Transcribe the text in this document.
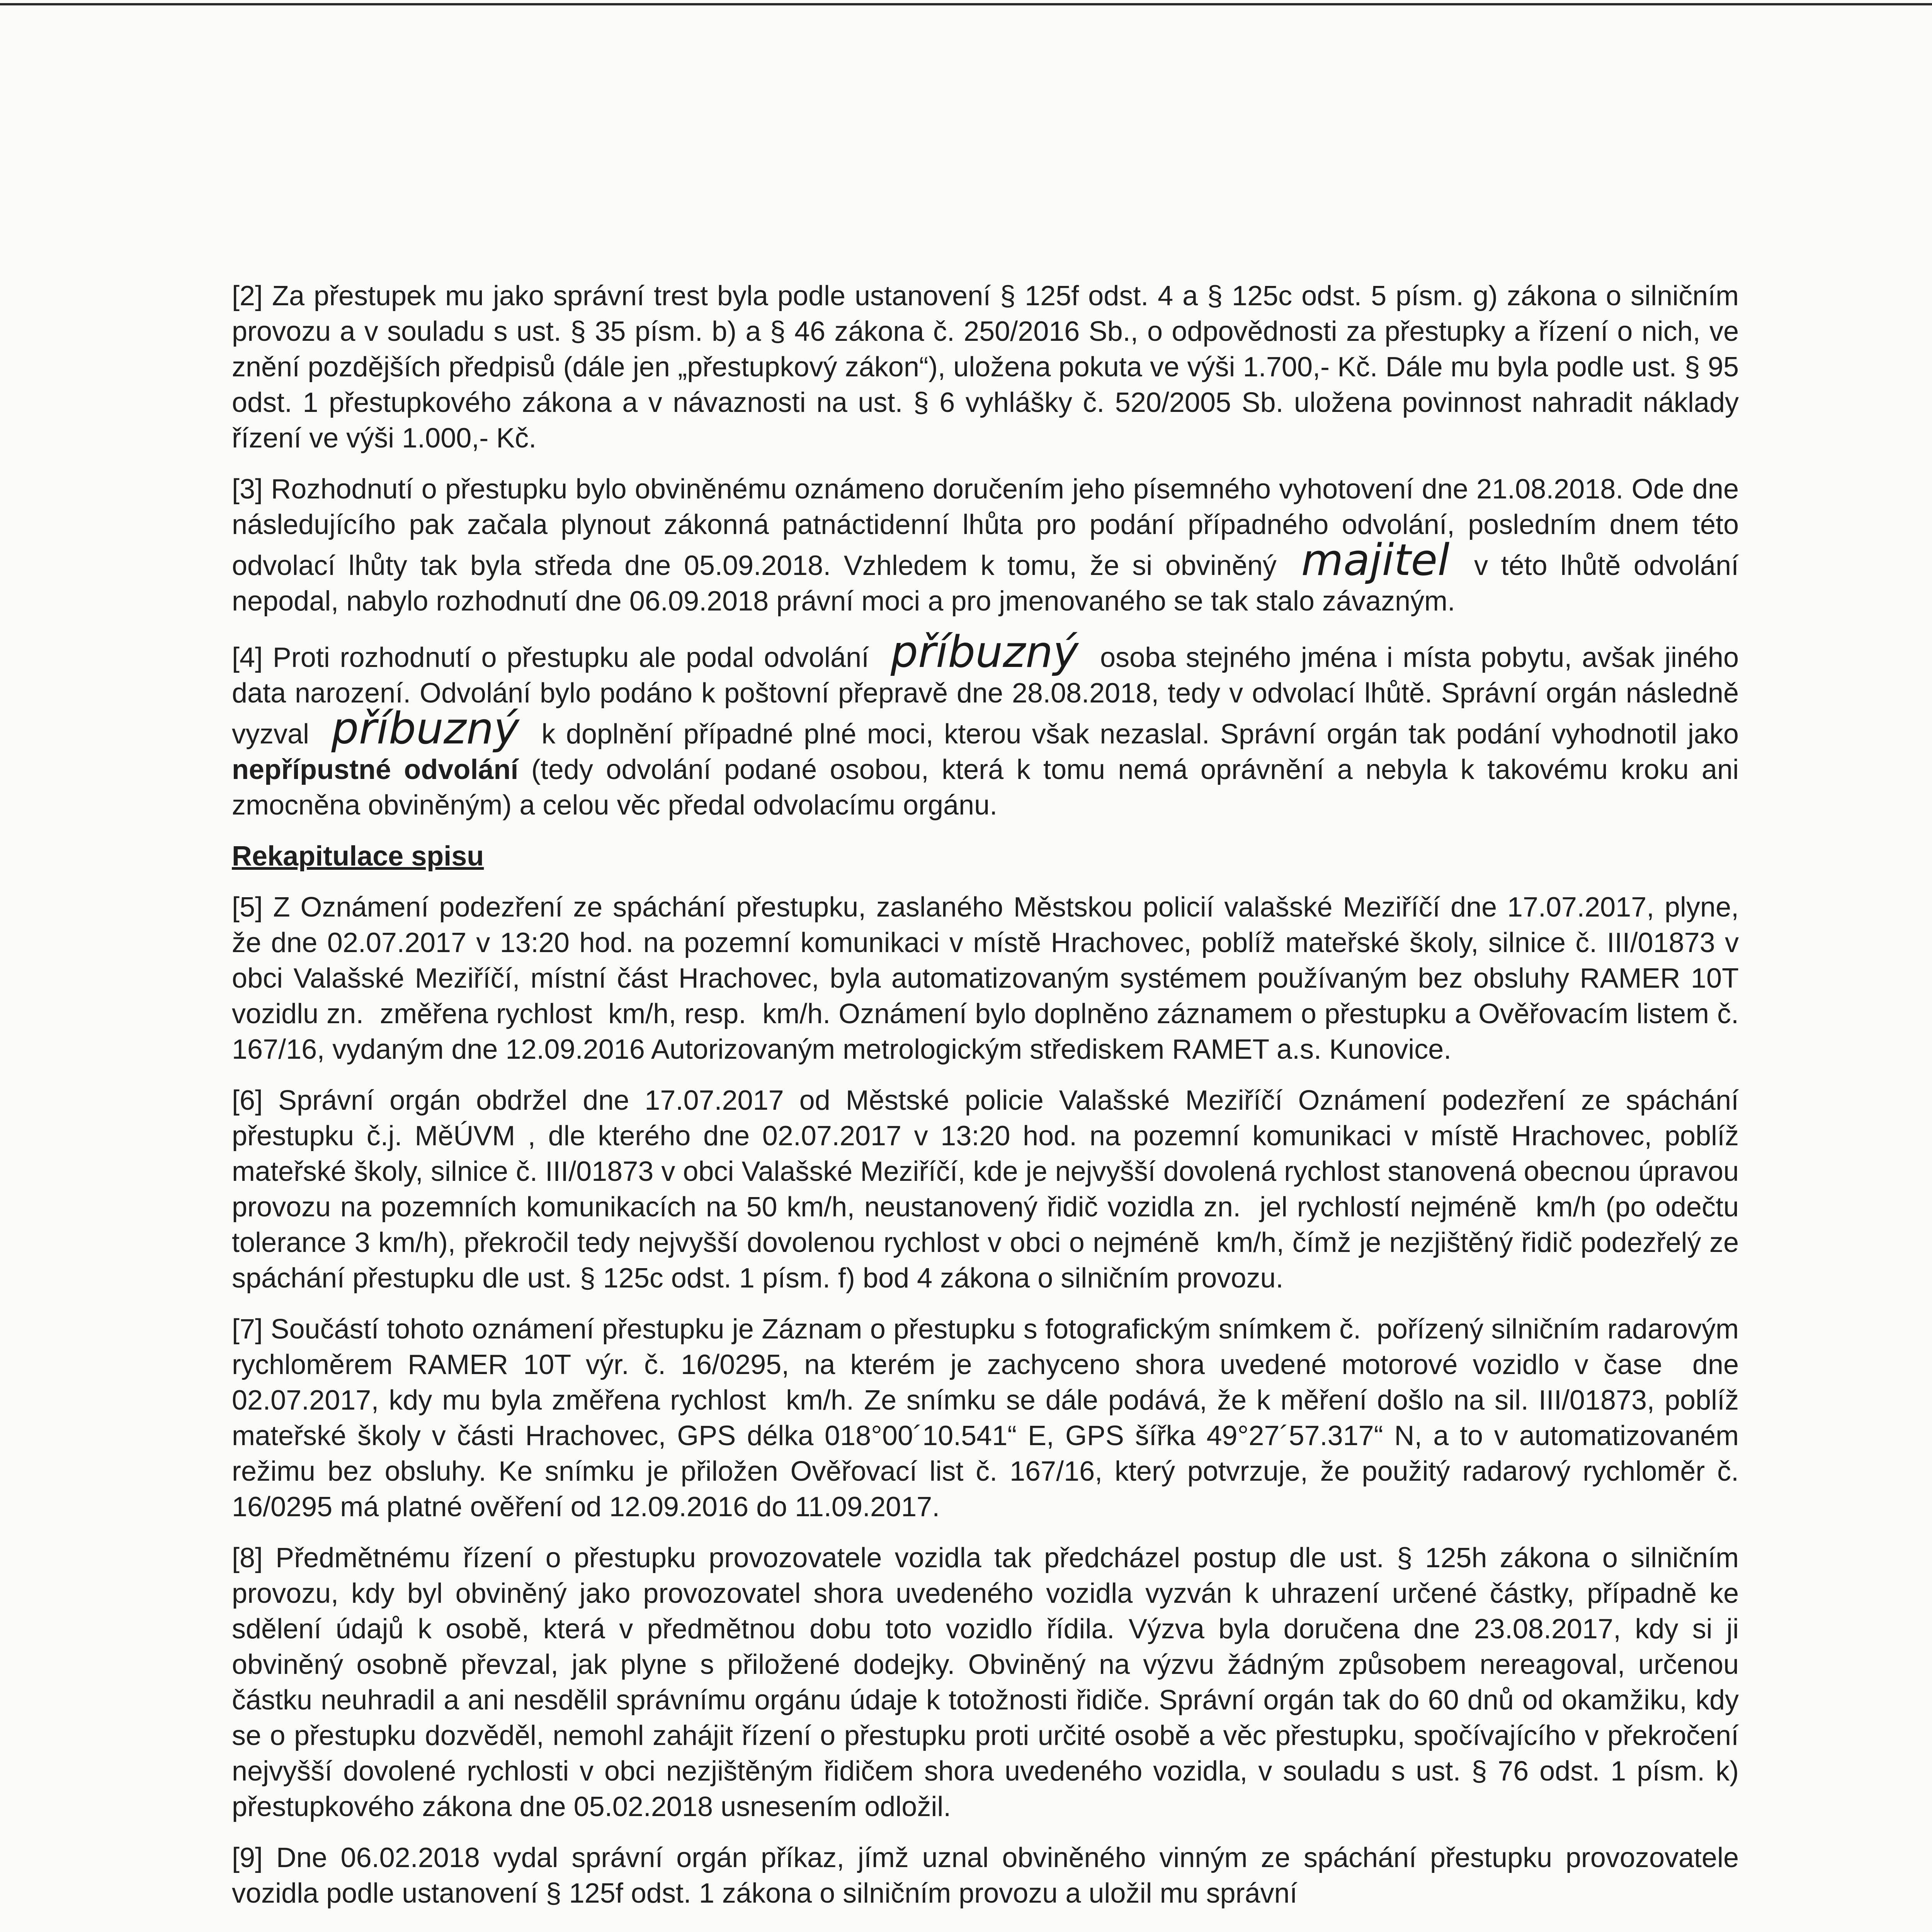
[2] Za přestupek mu jako správní trest byla podle ustanovení § 125f odst. 4 a § 125c odst. 5 písm. g) zákona o silničním provozu a v souladu s ust. § 35 písm. b) a § 46 zákona č. 250/2016 Sb., o odpovědnosti za přestupky a řízení o nich, ve znění pozdějších předpisů (dále jen „přestupkový zákon“), uložena pokuta ve výši 1.700,- Kč. Dále mu byla podle ust. § 95 odst. 1 přestupkového zákona a v návaznosti na ust. § 6 vyhlášky č. 520/2005 Sb. uložena povinnost nahradit náklady řízení ve výši 1.000,- Kč.

[3] Rozhodnutí o přestupku bylo obviněnému oznámeno doručením jeho písemného vyhotovení dne 21.08.2018. Ode dne následujícího pak začala plynout zákonná patnáctidenní lhůta pro podání případného odvolání, posledním dnem této odvolací lhůty tak byla středa dne 05.09.2018. Vzhledem k tomu, že si obviněný majitel v této lhůtě odvolání nepodal, nabylo rozhodnutí dne 06.09.2018 právní moci a pro jmenovaného se tak stalo závazným.

[4] Proti rozhodnutí o přestupku ale podal odvolání příbuzný osoba stejného jména i místa pobytu, avšak jiného data narození. Odvolání bylo podáno k poštovní přepravě dne 28.08.2018, tedy v odvolací lhůtě. Správní orgán následně vyzval příbuzný k doplnění případné plné moci, kterou však nezaslal. Správní orgán tak podání vyhodnotil jako nepřípustné odvolání (tedy odvolání podané osobou, která k tomu nemá oprávnění a nebyla k takovému kroku ani zmocněna obviněným) a celou věc předal odvolacímu orgánu.

Rekapitulace spisu

[5] Z Oznámení podezření ze spáchání přestupku, zaslaného Městskou policií valašské Meziříčí dne 17.07.2017, plyne, že dne 02.07.2017 v 13:20 hod. na pozemní komunikaci v místě Hrachovec, poblíž mateřské školy, silnice č. III/01873 v obci Valašské Meziříčí, místní část Hrachovec, byla automatizovaným systémem používaným bez obsluhy RAMER 10T vozidlu zn. ⁠ změřena rychlost ⁠ km/h, resp. ⁠ km/h. Oznámení bylo doplněno záznamem o přestupku a Ověřovacím listem č. 167/16, vydaným dne 12.09.2016 Autorizovaným metrologickým střediskem RAMET a.s. Kunovice.

[6] Správní orgán obdržel dne 17.07.2017 od Městské policie Valašské Meziříčí Oznámení podezření ze spáchání přestupku č.j. MěÚVM ⁠, dle kterého dne 02.07.2017 v 13:20 hod. na pozemní komunikaci v místě Hrachovec, poblíž mateřské školy, silnice č. III/01873 v obci Valašské Meziříčí, kde je nejvyšší dovolená rychlost stanovená obecnou úpravou provozu na pozemních komunikacích na 50 km/h, neustanovený řidič vozidla zn. ⁠ jel rychlostí nejméně ⁠ km/h (po odečtu tolerance 3 km/h), překročil tedy nejvyšší dovolenou rychlost v obci o nejméně ⁠ km/h, čímž je nezjištěný řidič podezřelý ze spáchání přestupku dle ust. § 125c odst. 1 písm. f) bod 4 zákona o silničním provozu.

[7] Součástí tohoto oznámení přestupku je Záznam o přestupku s fotografickým snímkem č. ⁠ pořízený silničním radarovým rychloměrem RAMER 10T výr. č. 16/0295, na kterém je zachyceno shora uvedené motorové vozidlo v čase ⁠ dne 02.07.2017, kdy mu byla změřena rychlost ⁠ km/h. Ze snímku se dále podává, že k měření došlo na sil. III/01873, poblíž mateřské školy v části Hrachovec, GPS délka 018°00´10.541“ E, GPS šířka 49°27´57.317“ N, a to v automatizovaném režimu bez obsluhy. Ke snímku je přiložen Ověřovací list č. 167/16, který potvrzuje, že použitý radarový rychloměr č. 16/0295 má platné ověření od 12.09.2016 do 11.09.2017.

[8] Předmětnému řízení o přestupku provozovatele vozidla tak předcházel postup dle ust. § 125h zákona o silničním provozu, kdy byl obviněný jako provozovatel shora uvedeného vozidla vyzván k uhrazení určené částky, případně ke sdělení údajů k osobě, která v předmětnou dobu toto vozidlo řídila. Výzva byla doručena dne 23.08.2017, kdy si ji obviněný osobně převzal, jak plyne s přiložené dodejky. Obviněný na výzvu žádným způsobem nereagoval, určenou částku neuhradil a ani nesdělil správnímu orgánu údaje k totožnosti řidiče. Správní orgán tak do 60 dnů od okamžiku, kdy se o přestupku dozvěděl, nemohl zahájit řízení o přestupku proti určité osobě a věc přestupku, spočívajícího v překročení nejvyšší dovolené rychlosti v obci nezjištěným řidičem shora uvedeného vozidla, v souladu s ust. § 76 odst. 1 písm. k) přestupkového zákona dne 05.02.2018 usnesením odložil.

[9] Dne 06.02.2018 vydal správní orgán příkaz, jímž uznal obviněného vinným ze spáchání přestupku provozovatele vozidla podle ustanovení § 125f odst. 1 zákona o silničním provozu a uložil mu správní
